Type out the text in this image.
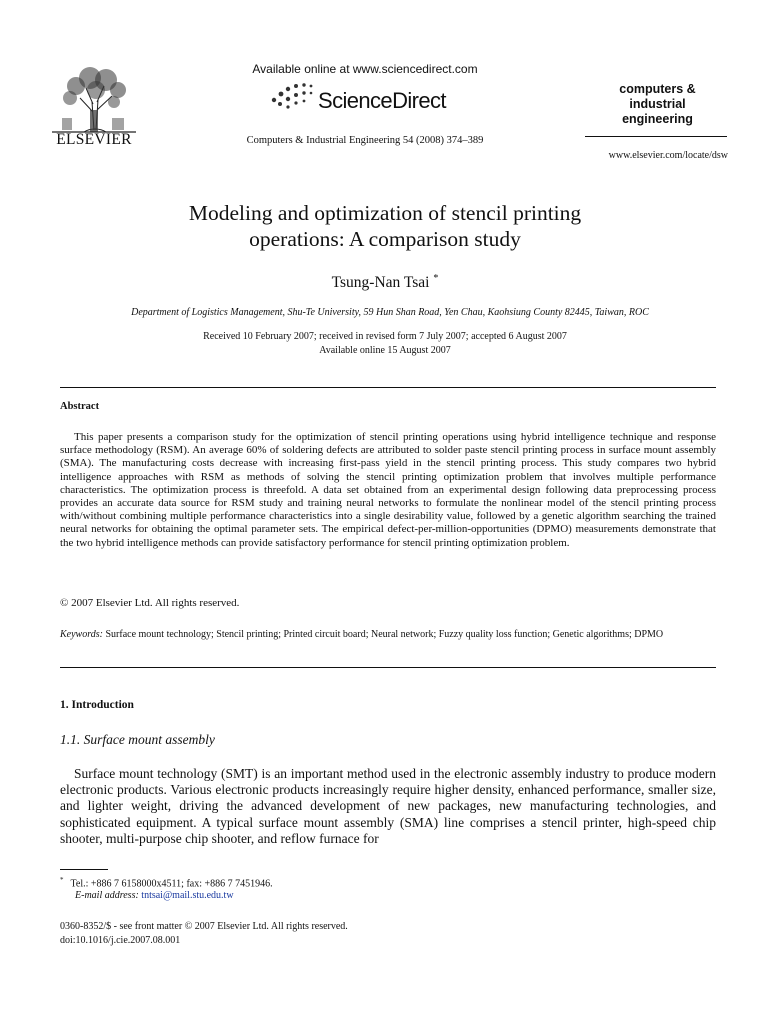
ELSEVIER
Available online at www.sciencedirect.com
ScienceDirect
Computers & Industrial Engineering 54 (2008) 374–389
computers &
industrial
engineering
www.elsevier.com/locate/dsw
Modeling and optimization of stencil printing
operations: A comparison study
Tsung-Nan Tsai *
Department of Logistics Management, Shu-Te University, 59 Hun Shan Road, Yen Chau, Kaohsiung County 82445, Taiwan, ROC
Received 10 February 2007; received in revised form 7 July 2007; accepted 6 August 2007
Available online 15 August 2007
Abstract
This paper presents a comparison study for the optimization of stencil printing operations using hybrid intelligence technique and response surface methodology (RSM). An average 60% of soldering defects are attributed to solder paste stencil printing process in surface mount assembly (SMA). The manufacturing costs decrease with increasing first-pass yield in the stencil printing process. This study compares two hybrid intelligence approaches with RSM as methods of solving the stencil printing optimization problem that involves multiple performance characteristics. The optimization process is threefold. A data set obtained from an experimental design following data preprocessing process provides an accurate data source for RSM study and training neural networks to formulate the nonlinear model of the stencil printing process with/without combining multiple performance characteristics into a single desirability value, followed by a genetic algorithm searching the trained neural networks for obtaining the optimal parameter sets. The empirical defect-per-million-opportunities (DPMO) measurements demonstrate that the two hybrid intelligence methods can provide satisfactory performance for stencil printing optimization problem.
© 2007 Elsevier Ltd. All rights reserved.
Keywords: Surface mount technology; Stencil printing; Printed circuit board; Neural network; Fuzzy quality loss function; Genetic algorithms; DPMO
1. Introduction
1.1. Surface mount assembly
Surface mount technology (SMT) is an important method used in the electronic assembly industry to produce modern electronic products. Various electronic products increasingly require higher density, enhanced performance, smaller size, and lighter weight, driving the advanced development of new packages, new manufacturing technologies, and sophisticated equipment. A typical surface mount assembly (SMA) line comprises a stencil printer, high-speed chip shooter, multi-purpose chip shooter, and reflow furnace for
* Tel.: +886 7 6158000x4511; fax: +886 7 7451946.
E-mail address: tntsai@mail.stu.edu.tw
0360-8352/$ - see front matter © 2007 Elsevier Ltd. All rights reserved.
doi:10.1016/j.cie.2007.08.001
